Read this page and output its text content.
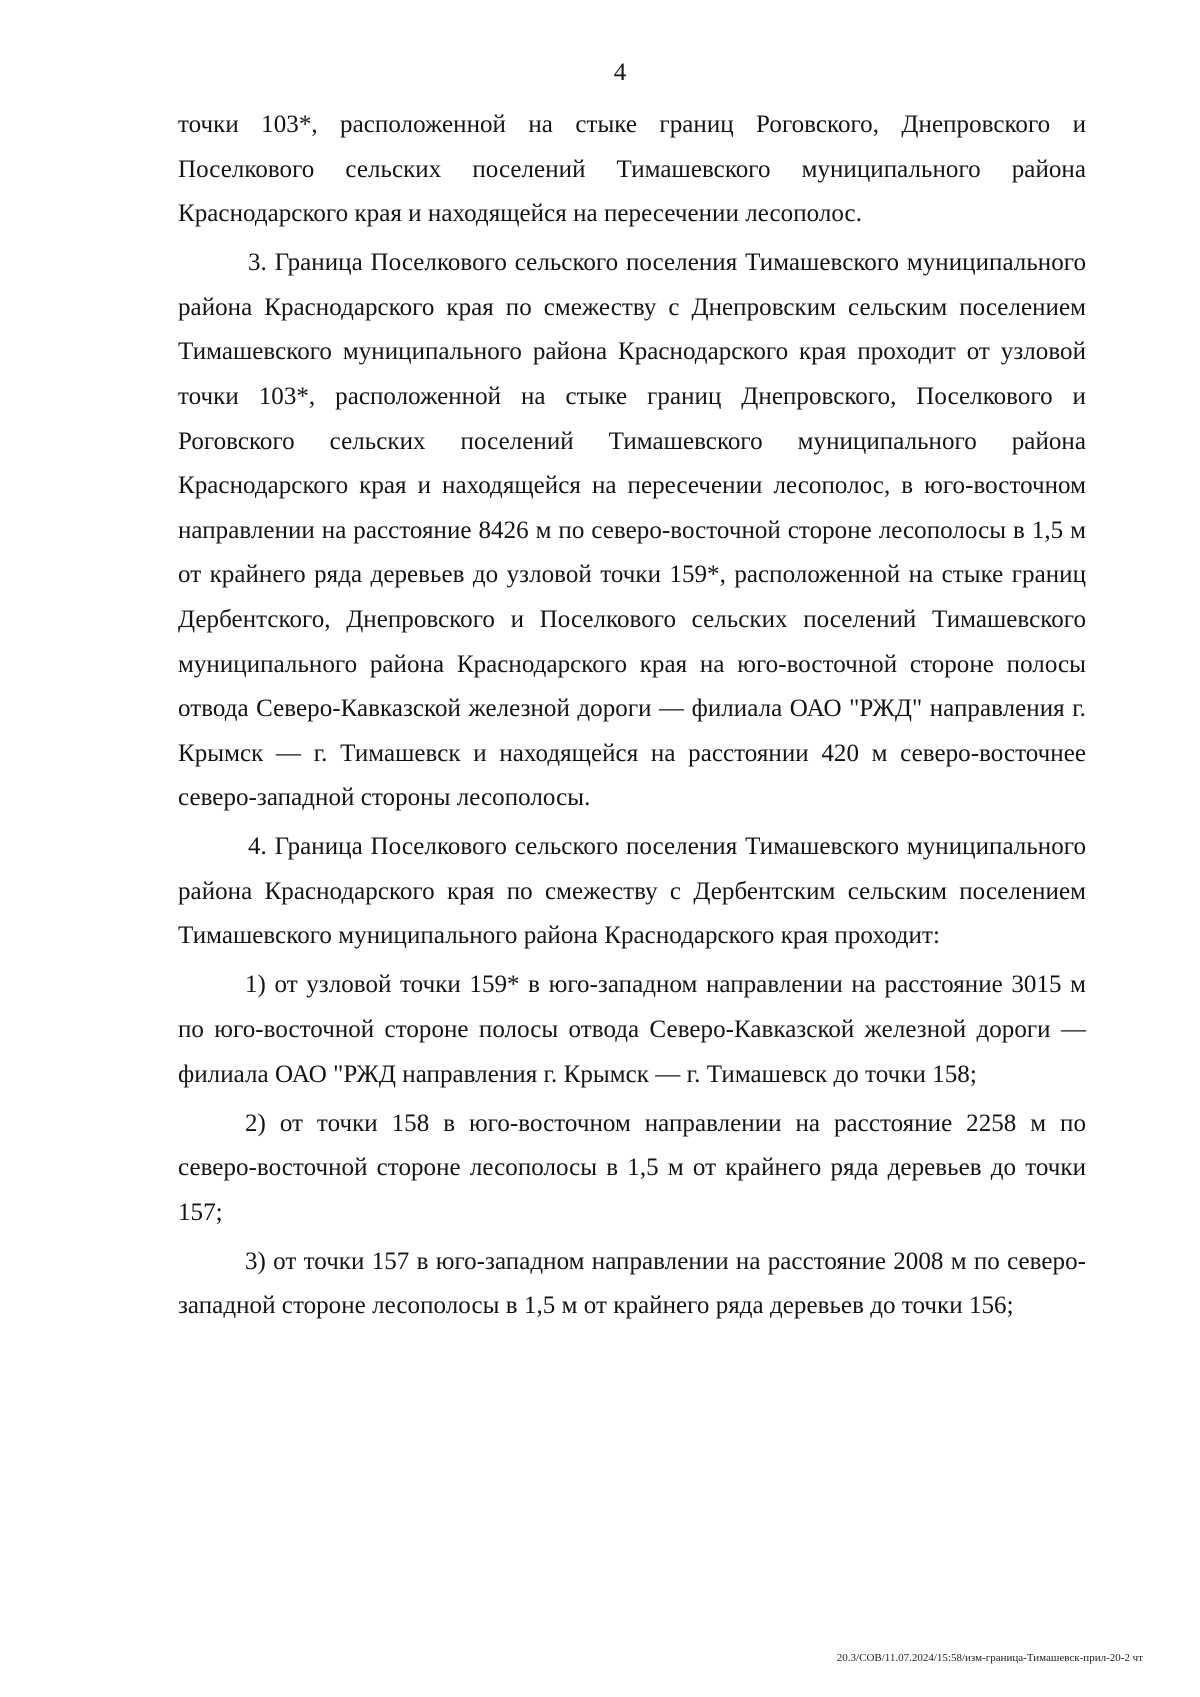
4

точки 103*, расположенной на стыке границ Роговского, Днепровского и Поселкового сельских поселений Тимашевского муниципального района Краснодарского края и находящейся на пересечении лесополос.

3. Граница Поселкового сельского поселения Тимашевского муниципального района Краснодарского края по смежеству с Днепровским сельским поселением Тимашевского муниципального района Краснодарского края проходит от узловой точки 103*, расположенной на стыке границ Днепровского, Поселкового и Роговского сельских поселений Тимашевского муниципального района Краснодарского края и находящейся на пересечении лесополос, в юго-восточном направлении на расстояние 8426 м по северо-восточной стороне лесополосы в 1,5 м от крайнего ряда деревьев до узловой точки 159*, расположенной на стыке границ Дербентского, Днепровского и Поселкового сельских поселений Тимашевского муниципального района Краснодарского края на юго-восточной стороне полосы отвода Северо-Кавказской железной дороги — филиала ОАО "РЖД" направления г. Крымск — г. Тимашевск и находящейся на расстоянии 420 м северо-восточнее северо-западной стороны лесополосы.

4. Граница Поселкового сельского поселения Тимашевского муниципального района Краснодарского края по смежеству с Дербентским сельским поселением Тимашевского муниципального района Краснодарского края проходит:

1) от узловой точки 159* в юго-западном направлении на расстояние 3015 м по юго-восточной стороне полосы отвода Северо-Кавказской железной дороги — филиала ОАО "РЖД направления г. Крымск — г. Тимашевск до точки 158;

2) от точки 158 в юго-восточном направлении на расстояние 2258 м по северо-восточной стороне лесополосы в 1,5 м от крайнего ряда деревьев до точки 157;

3) от точки 157 в юго-западном направлении на расстояние 2008 м по северо-западной стороне лесополосы в 1,5 м от крайнего ряда деревьев до точки 156;

20.3/СОВ/11.07.2024/15:58/изм-граница-Тимашевск-прил-20-2 чт
